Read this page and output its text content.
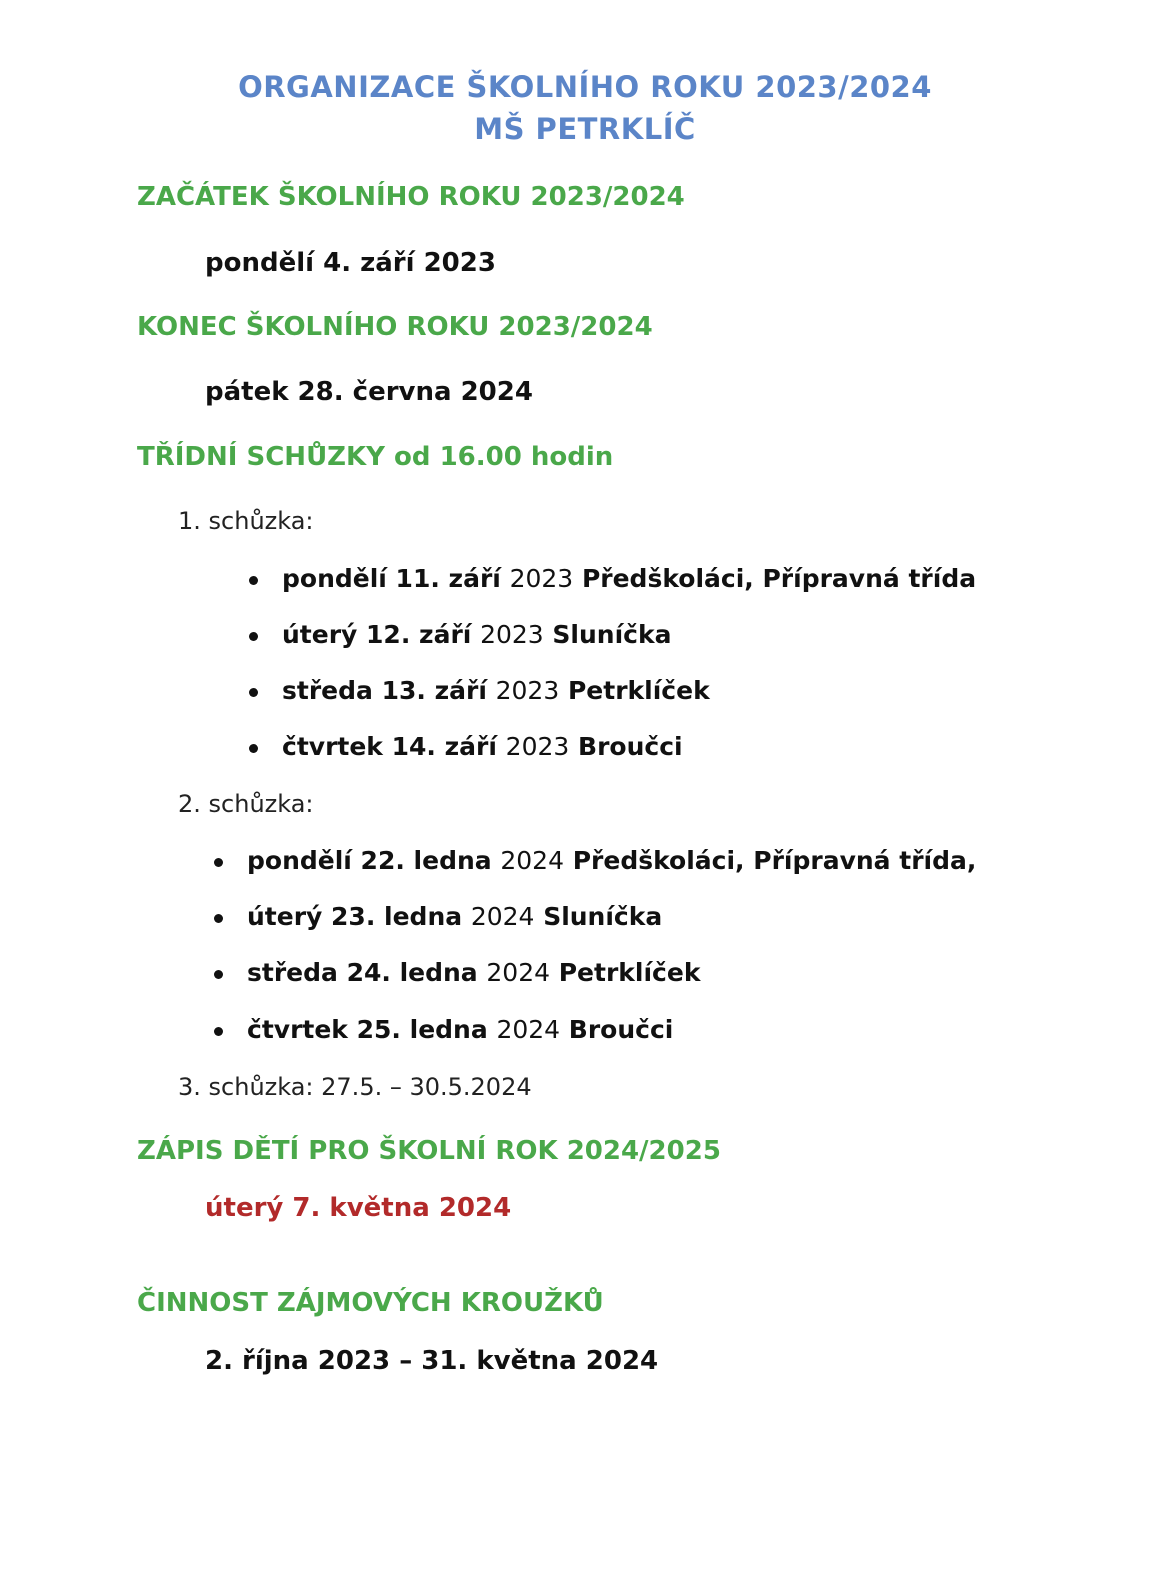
ORGANIZACE ŠKOLNÍHO ROKU 2023/2024
MŠ PETRKLÍČ
ZAČÁTEK ŠKOLNÍHO ROKU 2023/2024
pondělí 4. září 2023
KONEC ŠKOLNÍHO ROKU 2023/2024
pátek 28. června 2024
TŘÍDNÍ SCHŮZKY od 16.00 hodin
1. schůzka:
pondělí 11. září 2023 Předškoláci, Přípravná třída
úterý 12. září 2023 Sluníčka
středa 13. září 2023 Petrklíček
čtvrtek 14. září 2023 Broučci
2. schůzka:
pondělí 22. ledna 2024 Předškoláci, Přípravná třída,
úterý 23. ledna 2024 Sluníčka
středa 24. ledna 2024 Petrklíček
čtvrtek 25. ledna 2024 Broučci
3. schůzka: 27.5. – 30.5.2024
ZÁPIS DĚTÍ PRO ŠKOLNÍ ROK 2024/2025
úterý 7. května 2024
ČINNOST ZÁJMOVÝCH KROUŽKŮ
2. října 2023 – 31. května 2024
